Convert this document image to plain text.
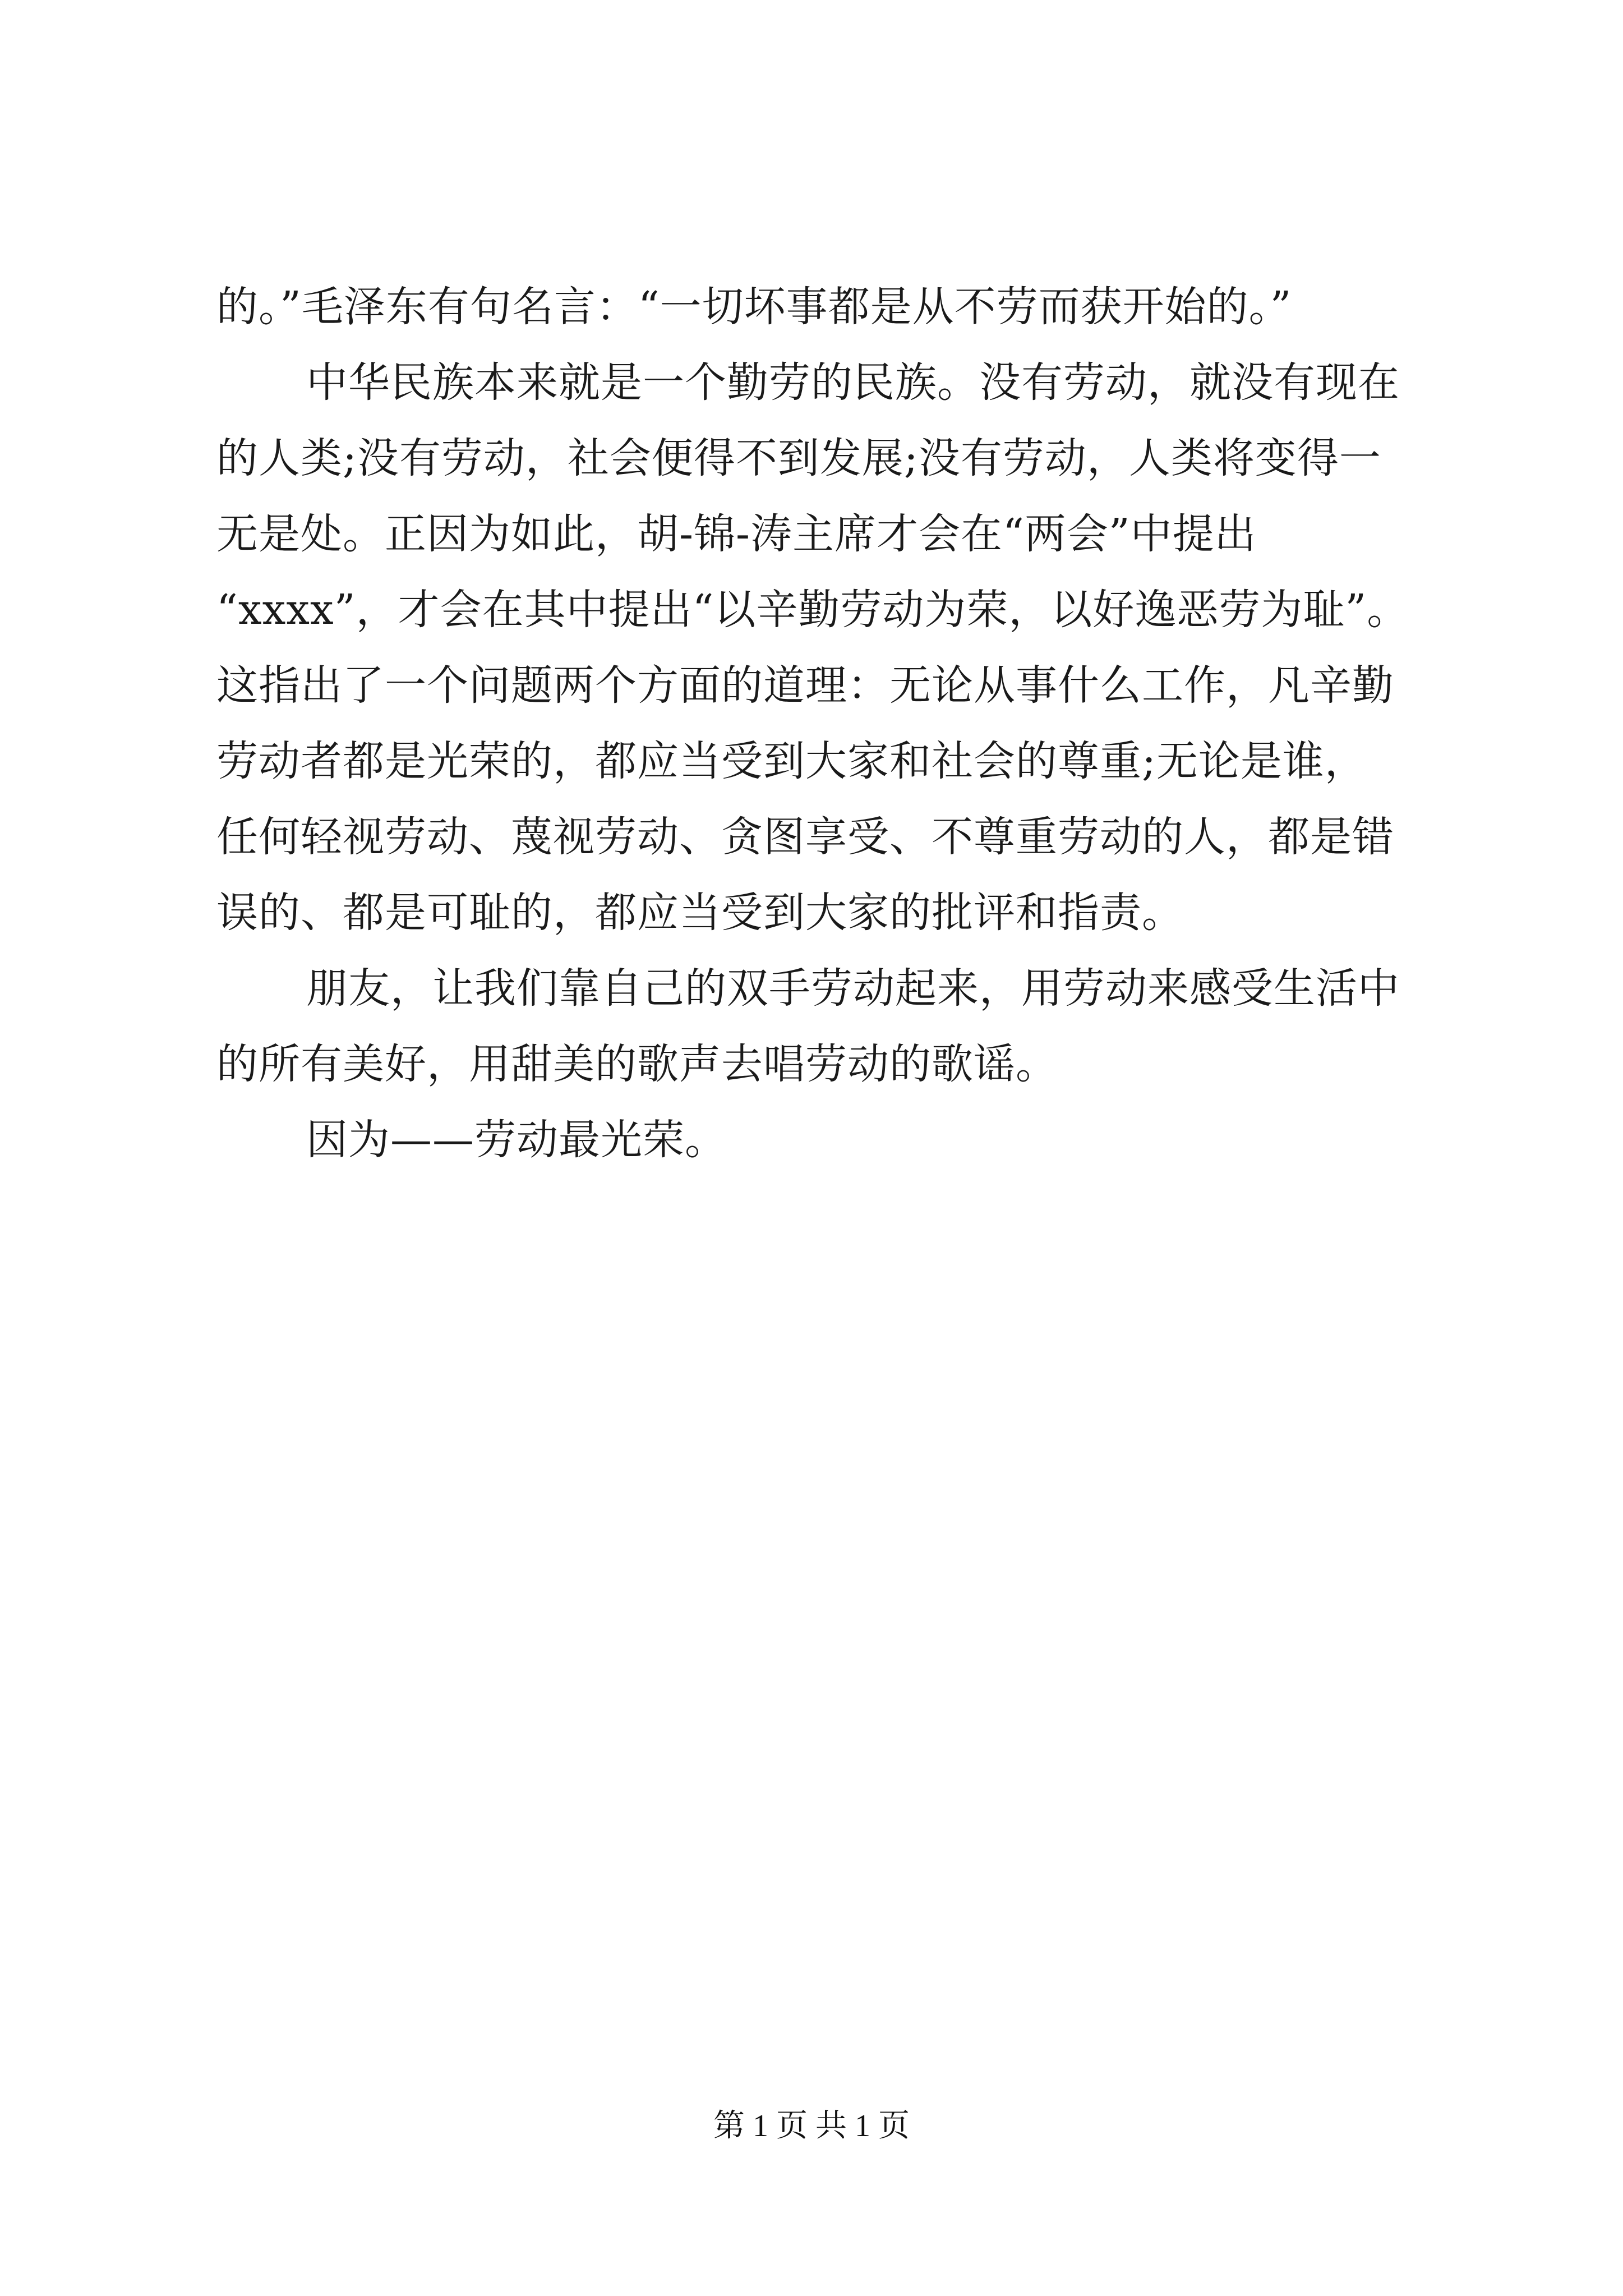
的。”毛泽东有句名言：“一切坏事都是从不劳而获开始的。”

中华民族本来就是一个勤劳的民族。没有劳动，就没有现在

的人类;没有劳动，社会便得不到发展;没有劳动，人类将变得一

无是处。正因为如此，胡-锦-涛主席才会在“两会”中提出

“xxxx”，才会在其中提出“以辛勤劳动为荣，以好逸恶劳为耻”。

这指出了一个问题两个方面的道理：无论从事什么工作，凡辛勤

劳动者都是光荣的，都应当受到大家和社会的尊重;无论是谁，

任何轻视劳动、蔑视劳动、贪图享受、不尊重劳动的人，都是错

误的、都是可耻的，都应当受到大家的批评和指责。

朋友，让我们靠自己的双手劳动起来，用劳动来感受生活中

的所有美好，用甜美的歌声去唱劳动的歌谣。

因为——劳动最光荣。

第 1 页 共 1 页
